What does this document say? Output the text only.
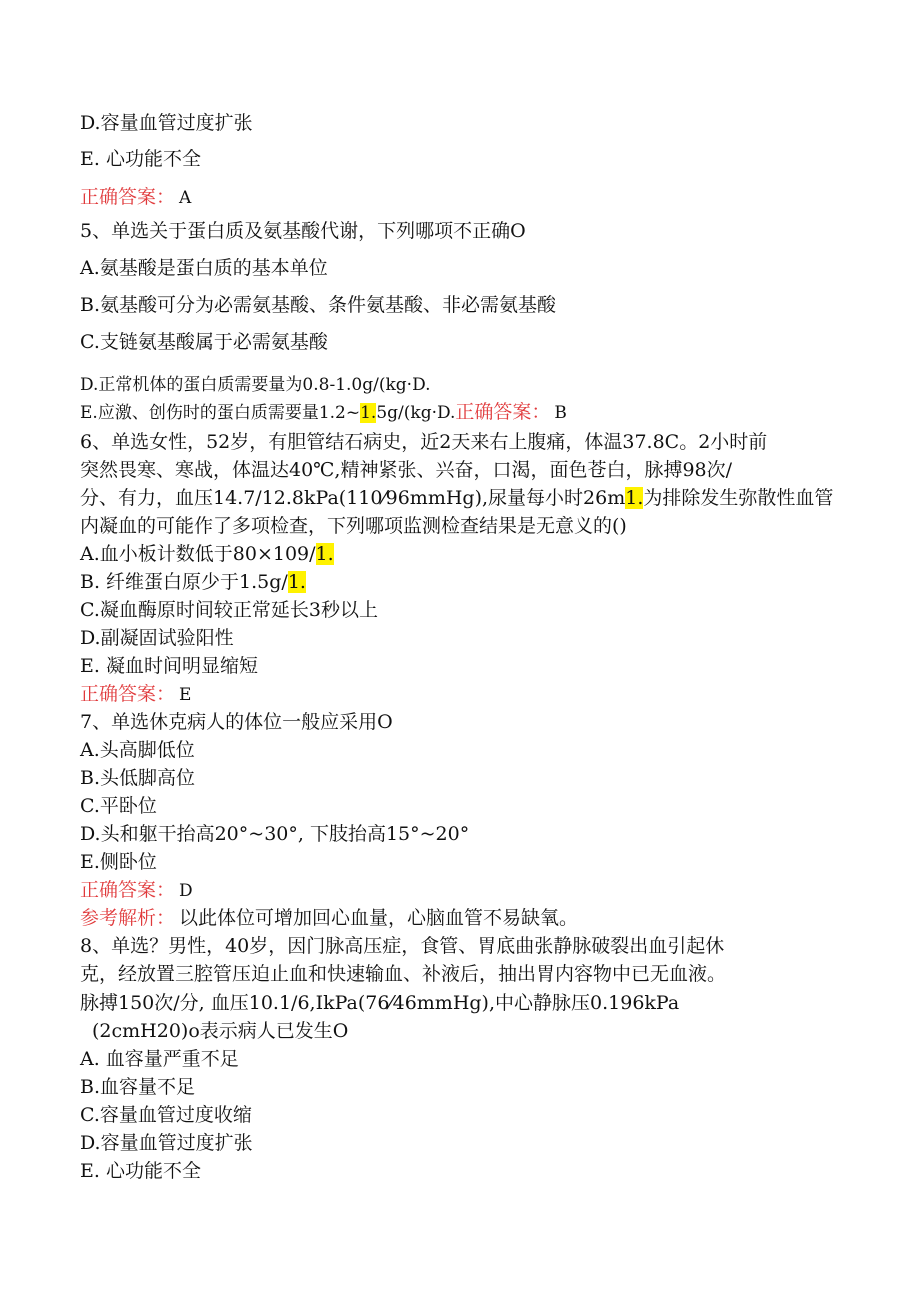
D.容量血管过度扩张
E. 心功能不全
正确答案： A
5、单选关于蛋白质及氨基酸代谢，下列哪项不正确O
A.氨基酸是蛋白质的基本单位
B.氨基酸可分为必需氨基酸、条件氨基酸、非必需氨基酸
C.支链氨基酸属于必需氨基酸
D.正常机体的蛋白质需要量为0.8-1.0g/(kg·D.
E.应激、创伤时的蛋白质需要量1.2~1.5g/(kg·D.正确答案： B
6、单选女性，52岁，有胆管结石病史，近2天来右上腹痛，体温37.8C。2小时前
突然畏寒、寒战，体温达40℃,精神紧张、兴奋，口渴，面色苍白，脉搏98次/
分、有力，血压14.7/12.8kPa(110⁄96mmHg),尿量每小时26m1.为排除发生弥散性血管
内凝血的可能作了多项检查，下列哪项监测检查结果是无意义的()
A.血小板计数低于80×109/1.
B. 纤维蛋白原少于1.5g/1.
C.凝血酶原时间较正常延长3秒以上
D.副凝固试验阳性
E. 凝血时间明显缩短
正确答案： E
7、单选休克病人的体位一般应采用O
A.头高脚低位
B.头低脚高位
C.平卧位
D.头和躯干抬高20°~30°, 下肢抬高15°~20°
E.侧卧位
正确答案： D
参考解析： 以此体位可增加回心血量，心脑血管不易缺氧。
8、单选？男性，40岁，因门脉高压症，食管、胃底曲张静脉破裂出血引起休
克，经放置三腔管压迫止血和快速输血、补液后，抽出胃内容物中已无血液。
脉搏150次/分, 血压10.1/6,IkPa(76⁄46mmHg),中心静脉压0.196kPa
(2cmH20)o表示病人已发生O
A. 血容量严重不足
B.血容量不足
C.容量血管过度收缩
D.容量血管过度扩张
E. 心功能不全
